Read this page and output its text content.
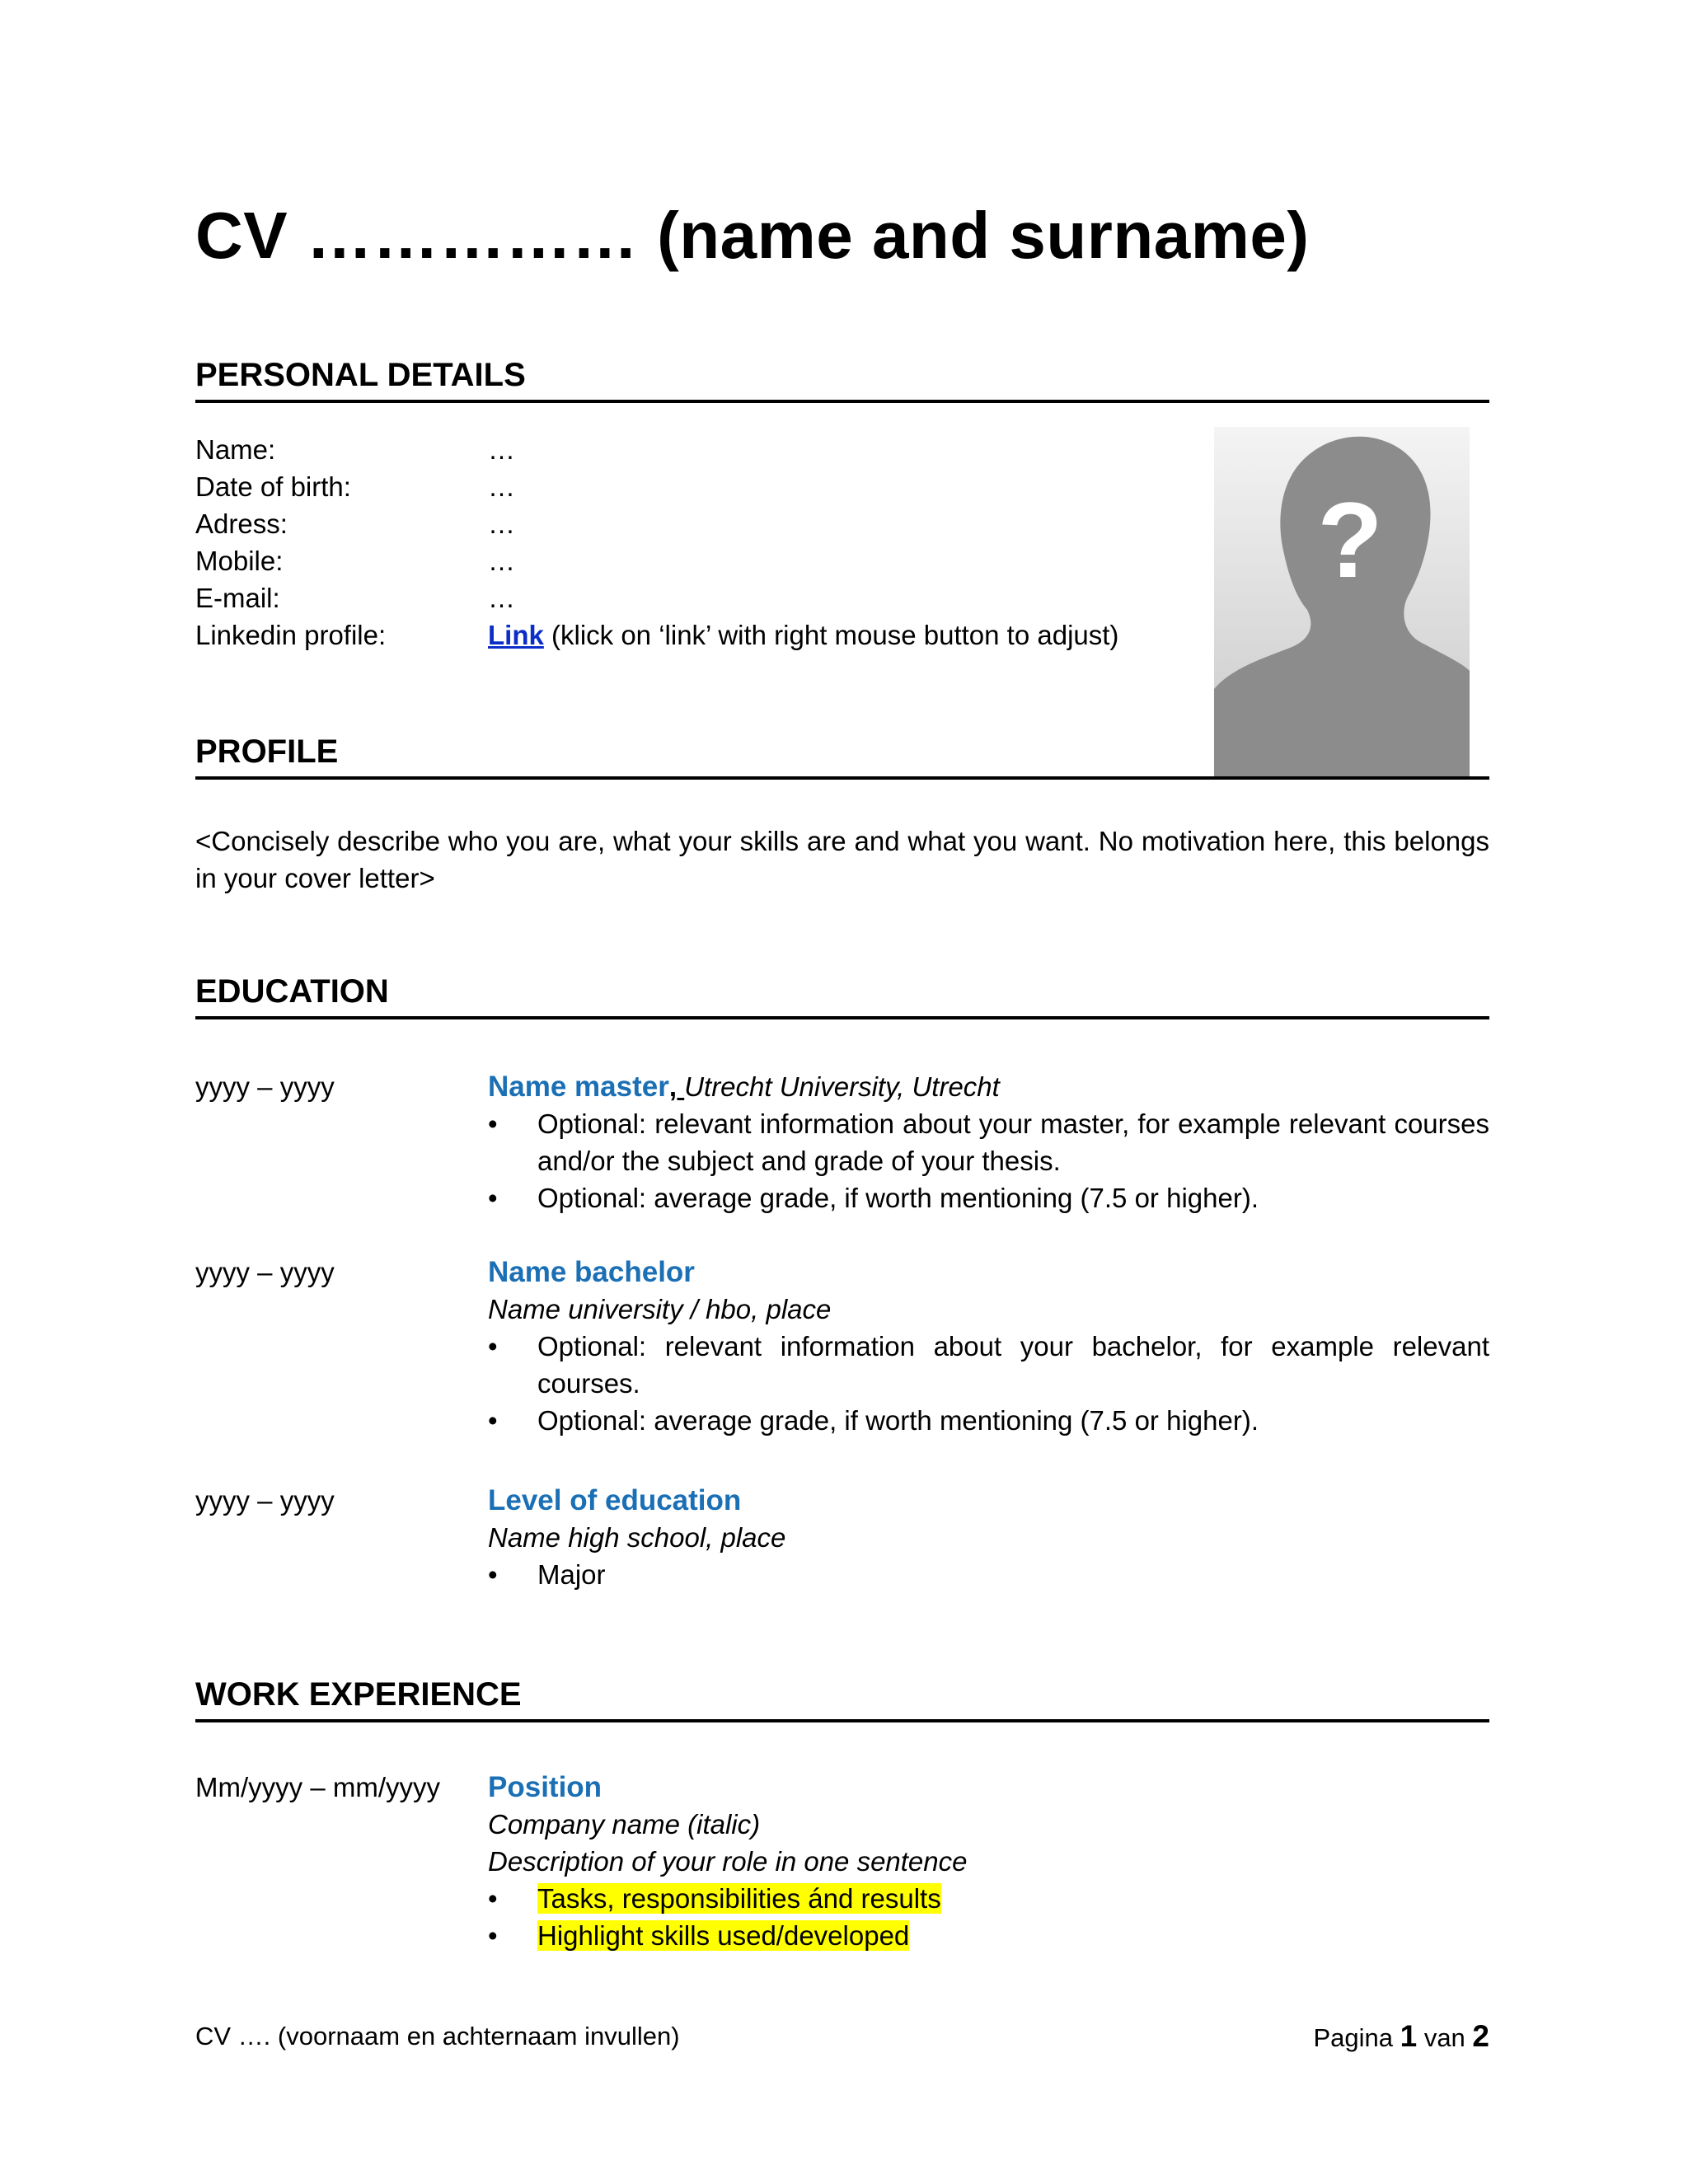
CV …………… (name and surname)
PERSONAL DETAILS
Name:	…
Date of birth:	…
Adress:	…
Mobile:	…
E-mail:	…
Linkedin profile:	Link (klick on ‘link’ with right mouse button to adjust)
?
PROFILE
<Concisely describe who you are, what your skills are and what you want. No motivation here, this belongs in your cover letter>
EDUCATION
yyyy – yyyy	Name master, Utrecht University, Utrecht
• Optional: relevant information about your master, for example relevant courses and/or the subject and grade of your thesis.
• Optional: average grade, if worth mentioning (7.5 or higher).
yyyy – yyyy	Name bachelor
Name university / hbo, place
• Optional: relevant information about your bachelor, for example relevant courses.
• Optional: average grade, if worth mentioning (7.5 or higher).
yyyy – yyyy	Level of education
Name high school, place
• Major
WORK EXPERIENCE
Mm/yyyy – mm/yyyy Position
Company name (italic)
Description of your role in one sentence
• Tasks, responsibilities ánd results
• Highlight skills used/developed
CV …. (voornaam en achternaam invullen)	Pagina 1 van 2
